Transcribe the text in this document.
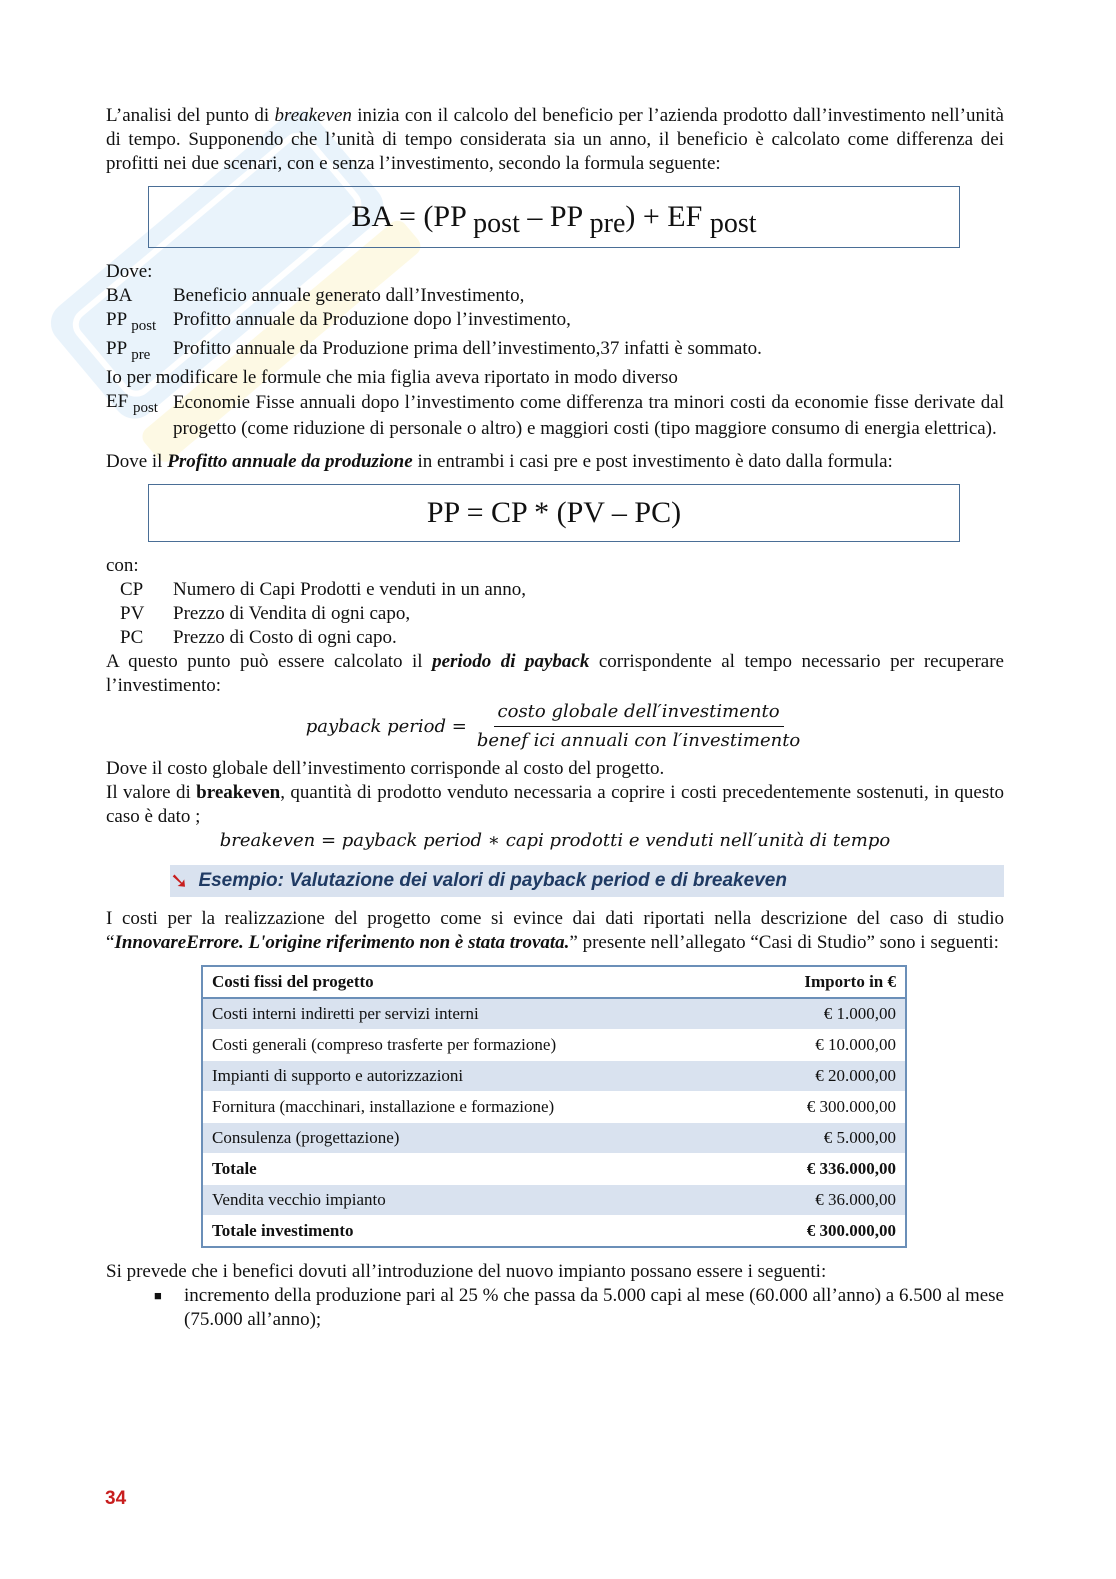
L’analisi del punto di breakeven inizia con il calcolo del beneficio per l’azienda prodotto dall’investimento nell’unità di tempo. Supponendo che l’unità di tempo considerata sia un anno, il beneficio è calcolato come differenza dei profitti nei due scenari, con e senza l’investimento, secondo la formula seguente:

BA = (PP post – PP pre) + EF post
Dove:
BA	Beneficio annuale generato dall’Investimento,
PP $_{post}$ Profitto annuale da Produzione dopo l’investimento,
PP $_{pre}$	Profitto annuale da Produzione prima dell’investimento,37 infatti è sommato.
Io per modificare le formule che mia figlia aveva riportato in modo diverso
EF $_{post}$ Economie Fisse annuali dopo l’investimento come differenza tra minori costi da economie fisse derivate dal progetto (come riduzione di personale o altro) e maggiori costi (tipo maggiore consumo di energia elettrica).

Dove il Profitto annuale da produzione in entrambi i casi pre e post investimento è dato dalla formula:

PP = CP * (PV – PC)
con:
CP	Numero di Capi Prodotti e venduti in un anno,
PV	Prezzo di Vendita di ogni capo,
PC	Prezzo di Costo di ogni capo.

A questo punto può essere calcolato il periodo di payback corrispondente al tempo necessario per recuperare l’investimento:

payback period = $\frac{\text{costo globale dell′investimento}}{\text{benef ici annuali con l′investimento}}$

Dove il costo globale dell’investimento corrisponde al costo del progetto.

Il valore di breakeven, quantità di prodotto venduto necessaria a coprire i costi precedentemente sostenuti, in questo caso è dato ;

breakeven = payback period ∗ capi prodotti e venduti nell′unità di tempo
➘ Esempio: Valutazione dei valori di payback period e di breakeven

I costi per la realizzazione del progetto come si evince dai dati riportati nella descrizione del caso di studio “InnovareErrore. L'origine riferimento non è stata trovata.” presente nell’allegato “Casi di Studio” sono i seguenti:

Costi fissi del progetto	Importo in €
Costi interni indiretti per servizi interni	€ 1.000,00
Costi generali (compreso trasferte per formazione)	€ 10.000,00
Impianti di supporto e autorizzazioni	€ 20.000,00
Fornitura (macchinari, installazione e formazione)	€ 300.000,00
Consulenza (progettazione)	€ 5.000,00
Totale	€ 336.000,00
Vendita vecchio impianto	€ 36.000,00
Totale investimento	€ 300.000,00

Si prevede che i benefici dovuti all’introduzione del nuovo impianto possano essere i seguenti:

■	incremento della produzione pari al 25 % che passa da 5.000 capi al mese (60.000 all’anno) a 6.500 al mese (75.000 all’anno);
34
